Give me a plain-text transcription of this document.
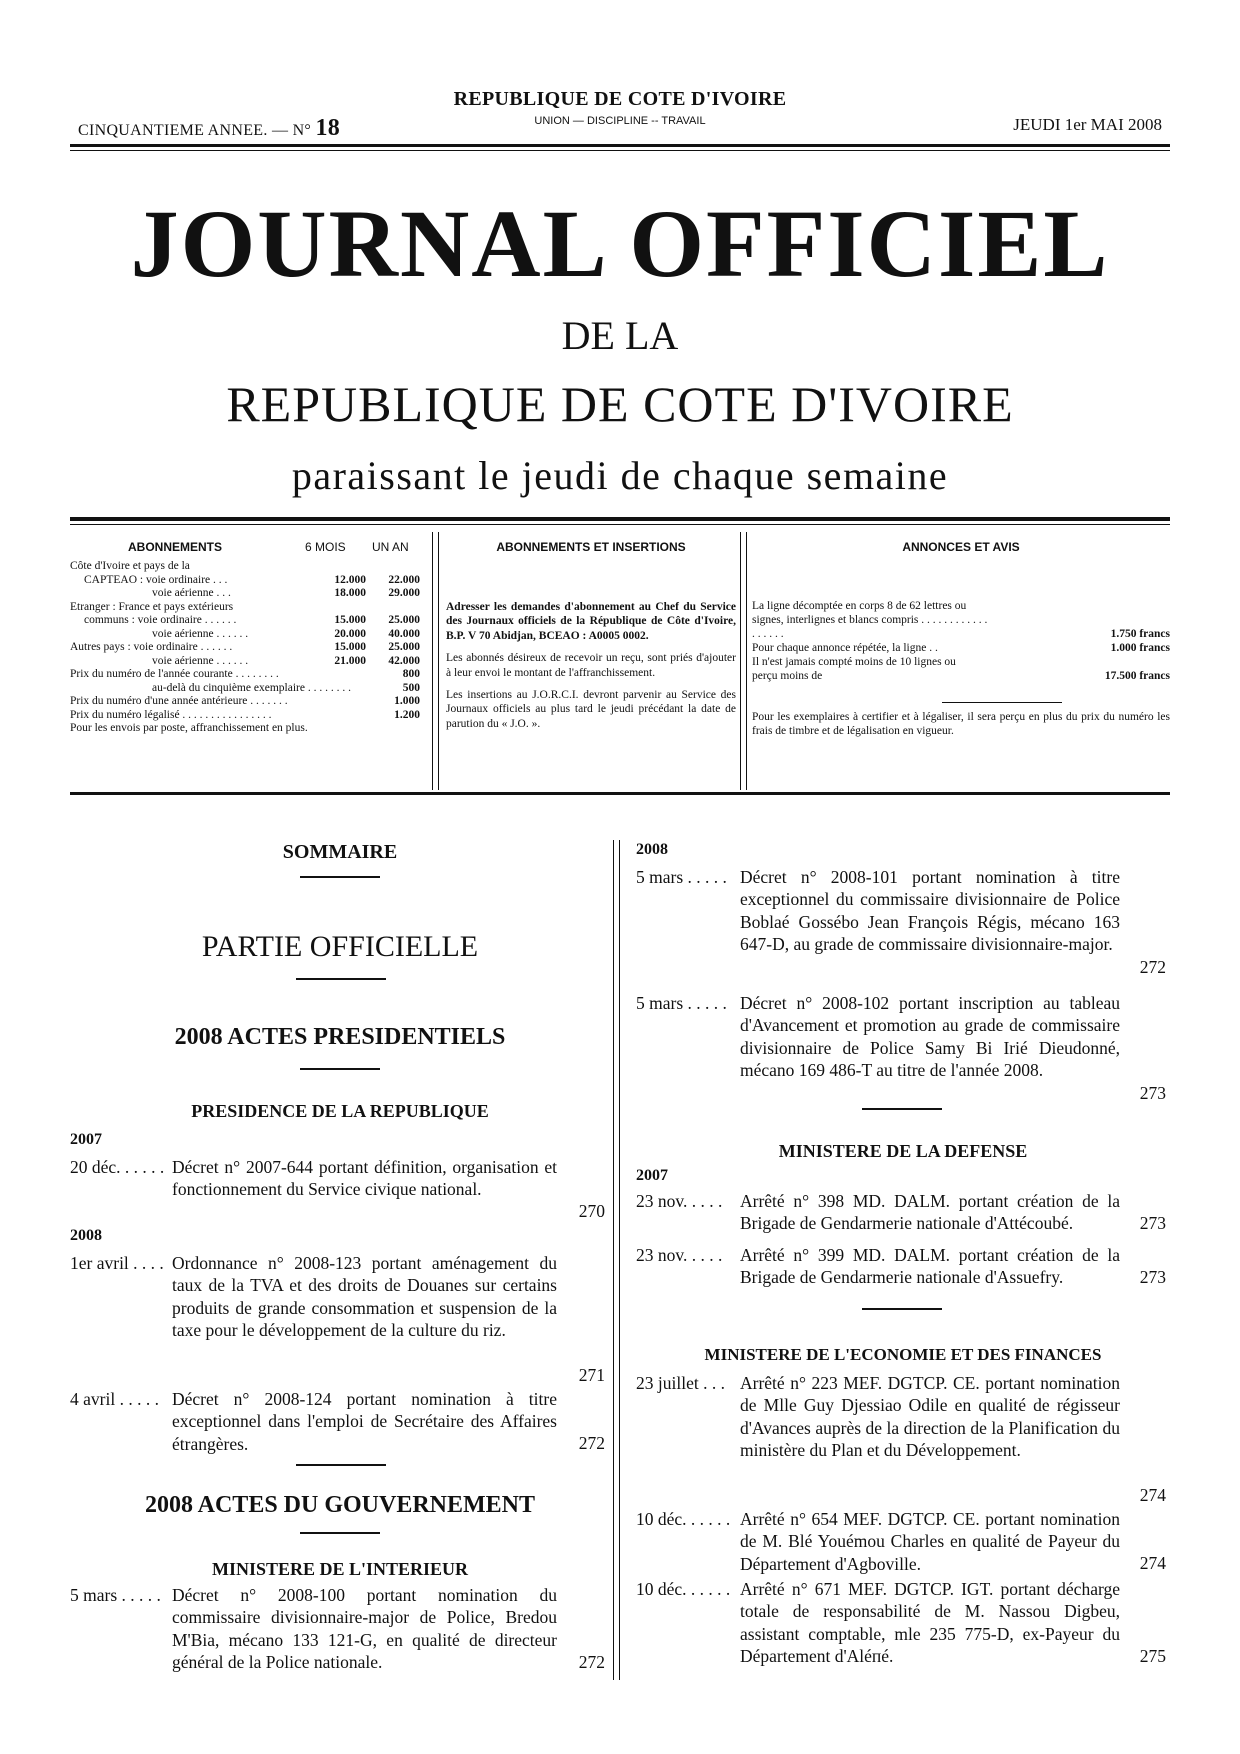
CINQUANTIEME ANNEE. — N° 18
REPUBLIQUE DE COTE D'IVOIRE
UNION — DISCIPLINE -- TRAVAIL	JEUDI 1er MAI 2008
JOURNAL OFFICIEL
DE LA
REPUBLIQUE DE COTE D'IVOIRE
paraissant le jeudi de chaque semaine
ABONNEMENTS	6 MOIS UN AN
Côte d'Ivoire et pays de la
CAPTEAO : voie ordinaire . . .	12.000	22.000
voie aérienne . . .	18.000	29.000
Etranger : France et pays extérieurs
communs : voie ordinaire . . . . . .	15.000	25.000
voie aérienne . . . . . .	20.000	40.000
Autres pays : voie ordinaire . . . . . .	15.000	25.000
voie aérienne . . . . . .	21.000	42.000
Prix du numéro de l'année courante . . . . . . . .	800
au-delà du cinquième exemplaire . . . . . . . .	500
Prix du numéro d'une année antérieure . . . . . . .	1.000
Prix du numéro légalisé . . . . . . . . . . . . . . . .	1.200
Pour les envois par poste, affranchissement en plus.
ABONNEMENTS ET INSERTIONS

Adresser les demandes d'abonnement au Chef du Service des Journaux officiels de la République de Côte d'Ivoire, B.P. V 70 Abidjan, BCEAO : A0005 0002.

Les abonnés désireux de recevoir un reçu, sont priés d'ajouter à leur envoi le montant de l'affranchissement.

Les insertions au J.O.R.C.I. devront parvenir au Service des Journaux officiels au plus tard le jeudi précédant la date de parution du « J.O. ».

ANNONCES ET AVIS
La ligne décomptée en corps 8 de 62 lettres ou signes, interlignes et blancs compris . . . . . . . . . . . . . . . . . .	1.750 francs
Pour chaque annonce répétée, la ligne . .	1.000 francs
Il n'est jamais compté moins de 10 lignes ou perçu moins de	17.500 francs
Pour les exemplaires à certifier et à légaliser, il sera perçu en plus du prix du numéro les frais de timbre et de légalisation en vigueur.
SOMMAIRE
PARTIE OFFICIELLE
2008 ACTES PRESIDENTIELS
PRESIDENCE DE LA REPUBLIQUE
2007
20 déc. . . . . . Décret n° 2007-644 portant définition, organisation et fonctionnement du Service civique national.
270
2008
1er avril . . . . Ordonnance n° 2008-123 portant aménagement du taux de la TVA et des droits de Douanes sur certains produits de grande consommation et suspension de la taxe pour le développement de la culture du riz.
271
4 avril . . . . . Décret n° 2008-124 portant nomination à titre exceptionnel dans l'emploi de Secrétaire des Affaires étrangères.	272
2008 ACTES DU GOUVERNEMENT
MINISTERE DE L'INTERIEUR
5 mars . . . . . Décret n° 2008-100 portant nomination du commissaire divisionnaire-major de Police, Bredou M'Bia, mécano 133 121-G, en qualité de directeur général de la Police nationale.	272
2008
5 mars . . . . . Décret n° 2008-101 portant nomination à titre exceptionnel du commissaire divisionnaire de Police Boblaé Gossébo Jean François Régis, mécano 163 647-D, au grade de commissaire divisionnaire-major.
272
5 mars . . . . . Décret n° 2008-102 portant inscription au tableau d'Avancement et promotion au grade de commissaire divisionnaire de Police Samy Bi Irié Dieudonné, mécano 169 486-T au titre de l'année 2008.
273
MINISTERE DE LA DEFENSE
2007
23 nov. . . . . Arrêté n° 398 MD. DALM. portant création de la Brigade de Gendarmerie nationale d'Attécoubé.	273
23 nov. . . . . Arrêté n° 399 MD. DALM. portant création de la Brigade de Gendarmerie nationale d'Assuefry.	273
MINISTERE DE L'ECONOMIE ET DES FINANCES
23 juillet . . . Arrêté n° 223 MEF. DGTCP. CE. portant nomination de Mlle Guy Djessiao Odile en qualité de régisseur d'Avances auprès de la direction de la Planification du ministère du Plan et du Développement.
274
10 déc. . . . . . Arrêté n° 654 MEF. DGTCP. CE. portant nomination de M. Blé Youémou Charles en qualité de Payeur du Département d'Agboville.	274
10 déc. . . . . . Arrêté n° 671 MEF. DGTCP. IGT. portant décharge totale de responsabilité de M. Nassou Digbeu, assistant comptable, mle 235 775-D, ex-Payeur du Département d'Aléпé.	275
